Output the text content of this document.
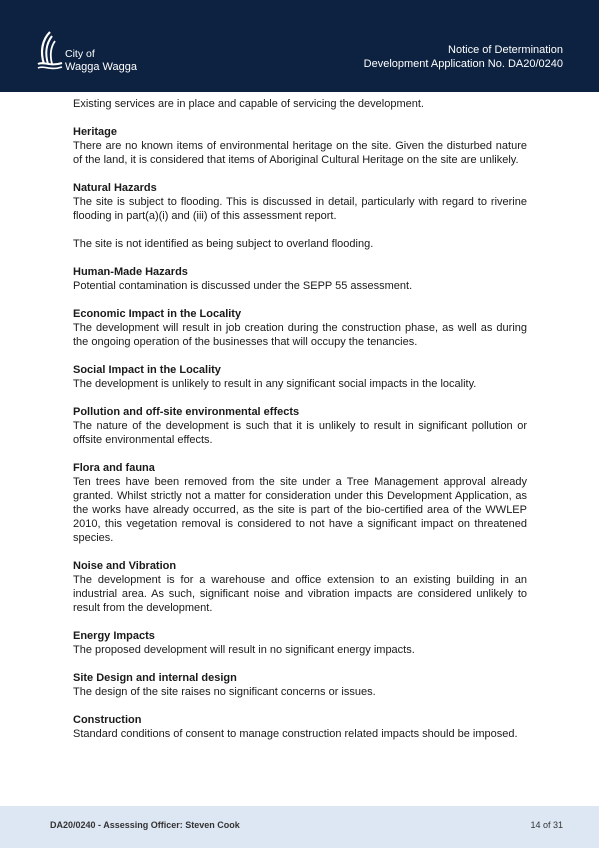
City of
Wagga Wagga
Notice of Determination
Development Application No. DA20/0240

Existing services are in place and capable of servicing the development.

Heritage

There are no known items of environmental heritage on the site. Given the disturbed nature of the land, it is considered that items of Aboriginal Cultural Heritage on the site are unlikely.

Natural Hazards

The site is subject to flooding. This is discussed in detail, particularly with regard to riverine flooding in part(a)(i) and (iii) of this assessment report.

The site is not identified as being subject to overland flooding.

Human-Made Hazards

Potential contamination is discussed under the SEPP 55 assessment.

Economic Impact in the Locality

The development will result in job creation during the construction phase, as well as during the ongoing operation of the businesses that will occupy the tenancies.

Social Impact in the Locality

The development is unlikely to result in any significant social impacts in the locality.

Pollution and off-site environmental effects

The nature of the development is such that it is unlikely to result in significant pollution or offsite environmental effects.

Flora and fauna

Ten trees have been removed from the site under a Tree Management approval already granted. Whilst strictly not a matter for consideration under this Development Application, as the works have already occurred, as the site is part of the bio-certified area of the WWLEP 2010, this vegetation removal is considered to not have a significant impact on threatened species.

Noise and Vibration

The development is for a warehouse and office extension to an existing building in an industrial area. As such, significant noise and vibration impacts are considered unlikely to result from the development.

Energy Impacts

The proposed development will result in no significant energy impacts.

Site Design and internal design

The design of the site raises no significant concerns or issues.

Construction

Standard conditions of consent to manage construction related impacts should be imposed.

DA20/0240 - Assessing Officer: Steven Cook	14 of 31
